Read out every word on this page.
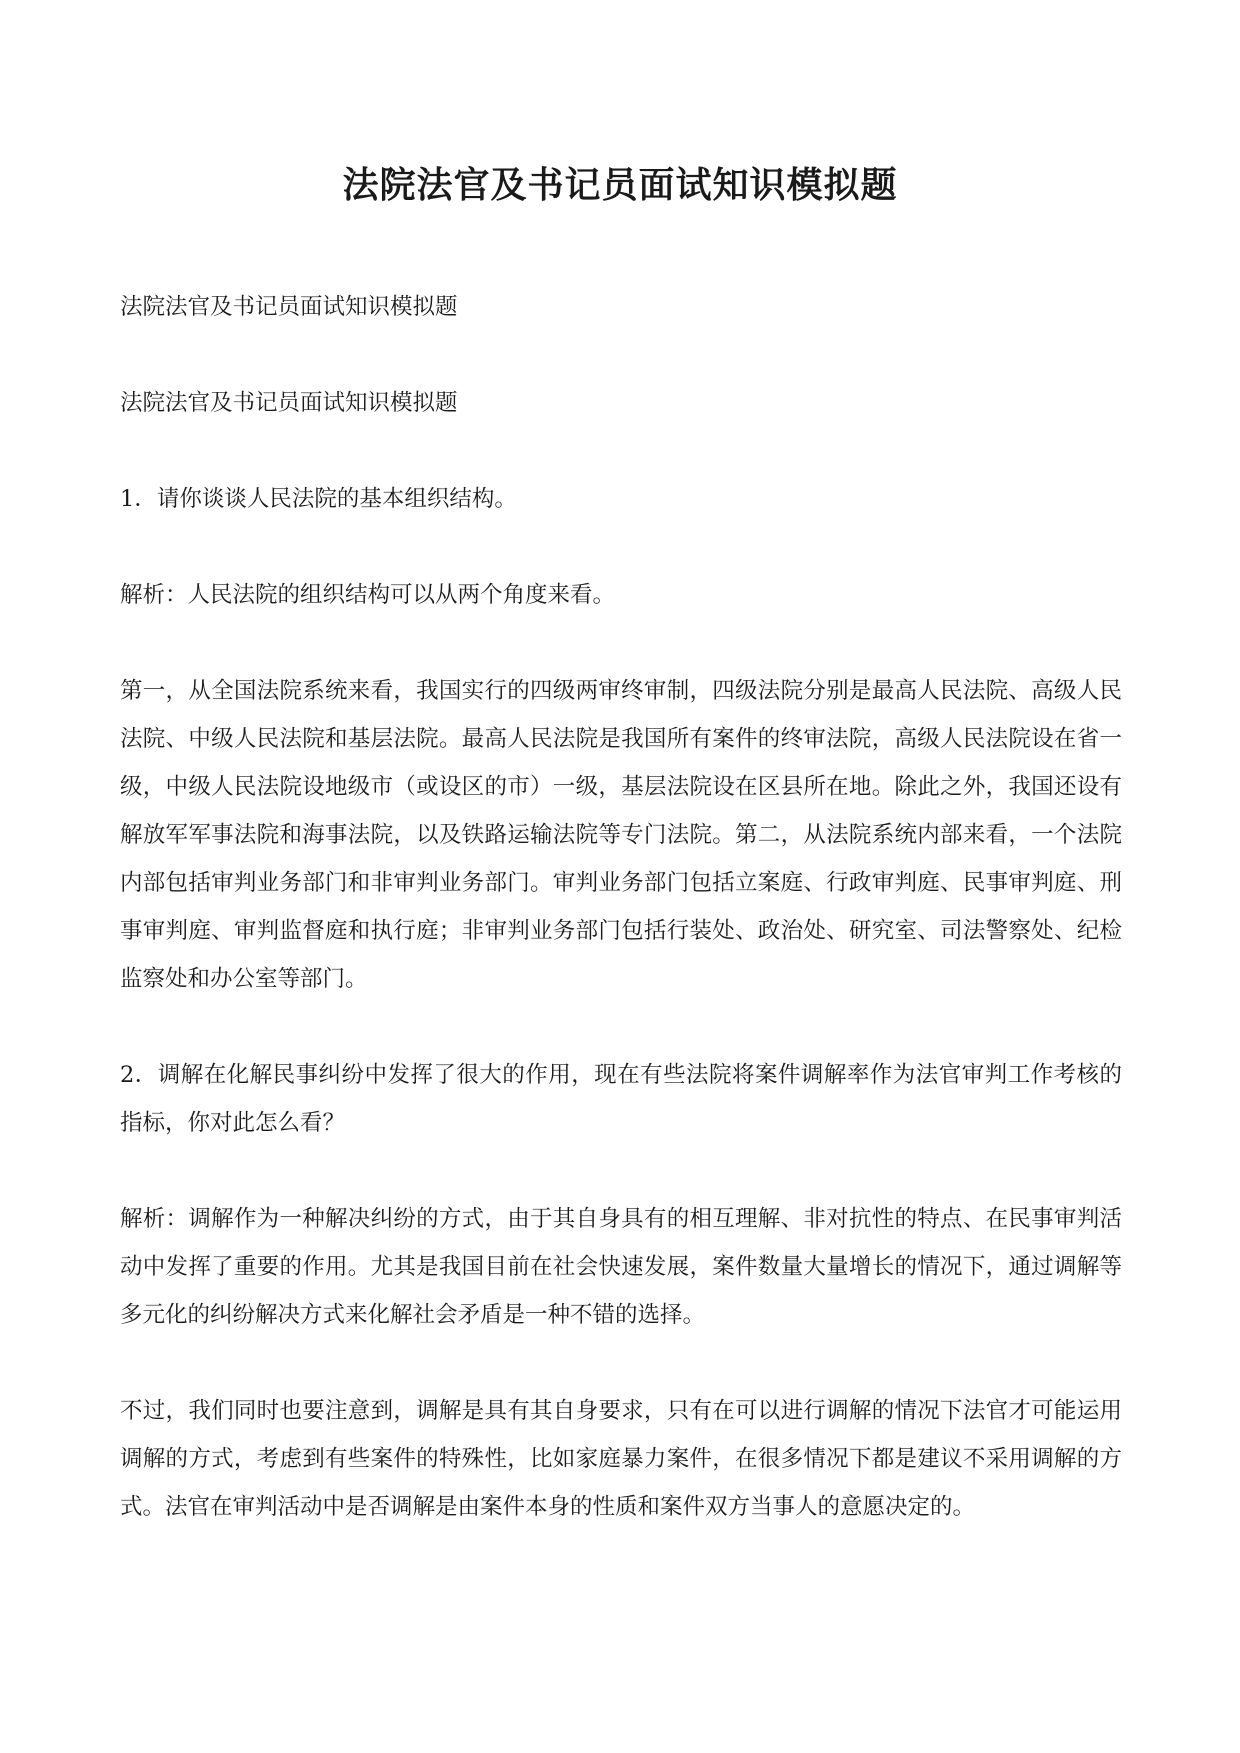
法院法官及书记员面试知识模拟题

法院法官及书记员面试知识模拟题

法院法官及书记员面试知识模拟题

1．请你谈谈人民法院的基本组织结构。

解析：人民法院的组织结构可以从两个角度来看。

第一，从全国法院系统来看，我国实行的四级两审终审制，四级法院分别是最高人民法院、高级人民法院、中级人民法院和基层法院。最高人民法院是我国所有案件的终审法院，高级人民法院设在省一级，中级人民法院设地级市（或设区的市）一级，基层法院设在区县所在地。除此之外，我国还设有解放军军事法院和海事法院，以及铁路运输法院等专门法院。第二，从法院系统内部来看，一个法院内部包括审判业务部门和非审判业务部门。审判业务部门包括立案庭、行政审判庭、民事审判庭、刑事审判庭、审判监督庭和执行庭；非审判业务部门包括行装处、政治处、研究室、司法警察处、纪检监察处和办公室等部门。

2．调解在化解民事纠纷中发挥了很大的作用，现在有些法院将案件调解率作为法官审判工作考核的指标，你对此怎么看？

解析：调解作为一种解决纠纷的方式，由于其自身具有的相互理解、非对抗性的特点、在民事审判活动中发挥了重要的作用。尤其是我国目前在社会快速发展，案件数量大量增长的情况下，通过调解等多元化的纠纷解决方式来化解社会矛盾是一种不错的选择。

不过，我们同时也要注意到，调解是具有其自身要求，只有在可以进行调解的情况下法官才可能运用调解的方式，考虑到有些案件的特殊性，比如家庭暴力案件，在很多情况下都是建议不采用调解的方式。法官在审判活动中是否调解是由案件本身的性质和案件双方当事人的意愿决定的。
